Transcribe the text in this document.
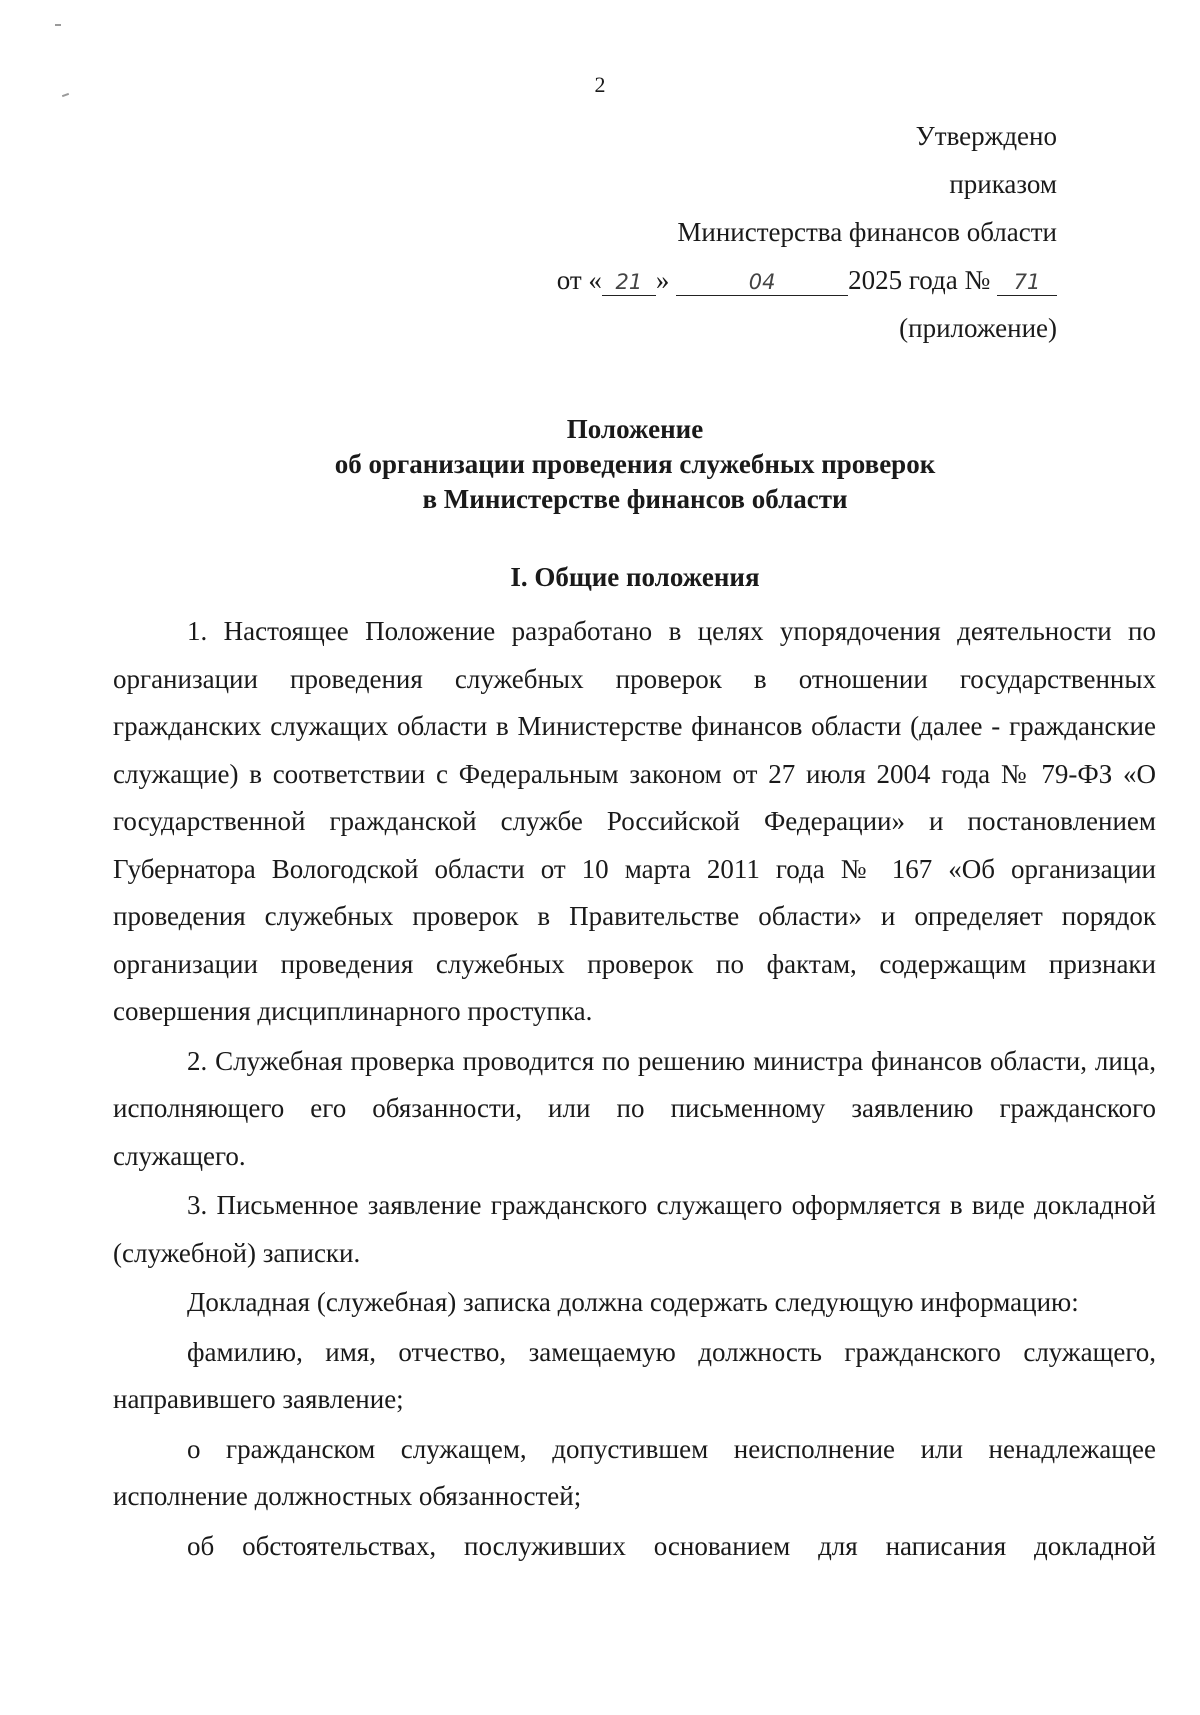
2
Утверждено
приказом
Министерства финансов области
от « 21 »	04	2025 года № 71
(приложение)
Положение
об организации проведения служебных проверок
в Министерстве финансов области
I. Общие положения

1. Настоящее Положение разработано в целях упорядочения деятельности по организации проведения служебных проверок в отношении государственных гражданских служащих области в Министерстве финансов области (далее - гражданские служащие) в соответствии с Федеральным законом от 27 июля 2004 года № 79-ФЗ «О государственной гражданской службе Российской Федерации» и постановлением Губернатора Вологодской области от 10 марта 2011 года № 167 «Об организации проведения служебных проверок в Правительстве области» и определяет порядок организации проведения служебных проверок по фактам, содержащим признаки совершения дисциплинарного проступка.

2. Служебная проверка проводится по решению министра финансов области, лица, исполняющего его обязанности, или по письменному заявлению гражданского служащего.

3. Письменное заявление гражданского служащего оформляется в виде докладной (служебной) записки.

Докладная (служебная) записка должна содержать следующую информацию:

фамилию, имя, отчество, замещаемую должность гражданского служащего, направившего заявление;

о гражданском служащем, допустившем неисполнение или ненадлежащее исполнение должностных обязанностей;

об обстоятельствах, послуживших основанием для написания докладной
